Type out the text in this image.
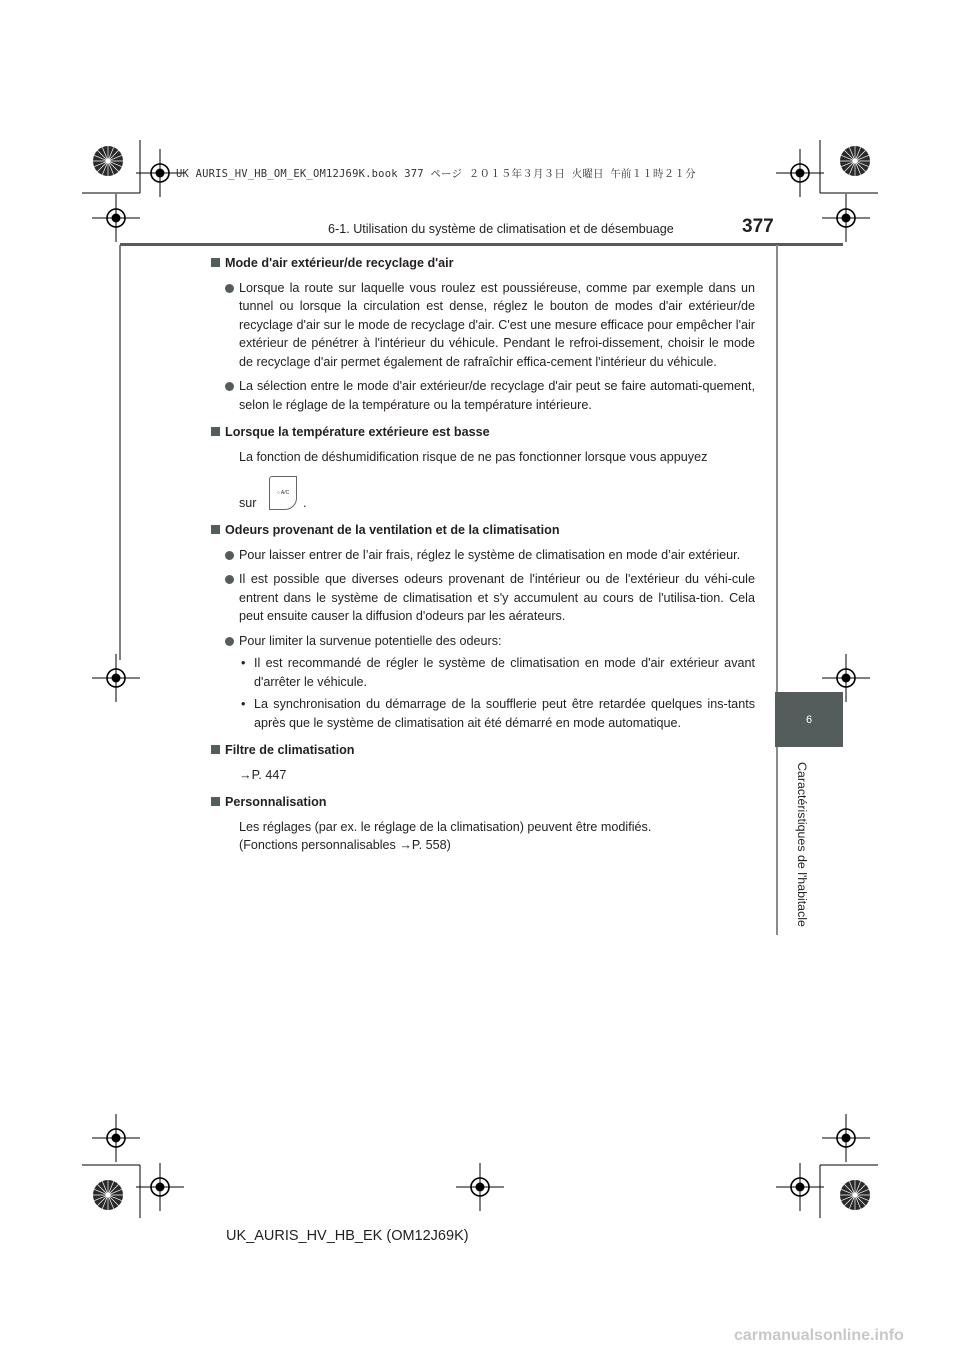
UK AURIS_HV_HB_OM_EK_OM12J69K.book 377 ページ ２０１５年３月３日 火曜日 午前１１時２１分
6-1. Utilisation du système de climatisation et de désembuage	377
6
Caractéristiques de l'habitacle
Mode d'air extérieur/de recyclage d'air
Lorsque la route sur laquelle vous roulez est poussiéreuse, comme par exemple dans un tunnel ou lorsque la circulation est dense, réglez le bouton de modes d'air extérieur/de recyclage d'air sur le mode de recyclage d'air. C'est une mesure efficace pour empêcher l'air extérieur de pénétrer à l'intérieur du véhicule. Pendant le refroi-dissement, choisir le mode de recyclage d'air permet également de rafraîchir effica-cement l'intérieur du véhicule.
La sélection entre le mode d'air extérieur/de recyclage d'air peut se faire automati-quement, selon le réglage de la température ou la température intérieure.
Lorsque la température extérieure est basse
La fonction de déshumidification risque de ne pas fonctionner lorsque vous appuyez
sur
○ A/C
.
Odeurs provenant de la ventilation et de la climatisation
Pour laisser entrer de l’air frais, réglez le système de climatisation en mode d’air extérieur.
Il est possible que diverses odeurs provenant de l'intérieur ou de l'extérieur du véhi-cule entrent dans le système de climatisation et s'y accumulent au cours de l'utilisa-tion. Cela peut ensuite causer la diffusion d'odeurs par les aérateurs.
Pour limiter la survenue potentielle des odeurs:
• Il est recommandé de régler le système de climatisation en mode d'air extérieur avant d'arrêter le véhicule.
• La synchronisation du démarrage de la soufflerie peut être retardée quelques ins-tants après que le système de climatisation ait été démarré en mode automatique.
Filtre de climatisation
→P. 447
Personnalisation
Les réglages (par ex. le réglage de la climatisation) peuvent être modifiés.
(Fonctions personnalisables →P. 558)
UK_AURIS_HV_HB_EK (OM12J69K)
carmanualsonline.info
